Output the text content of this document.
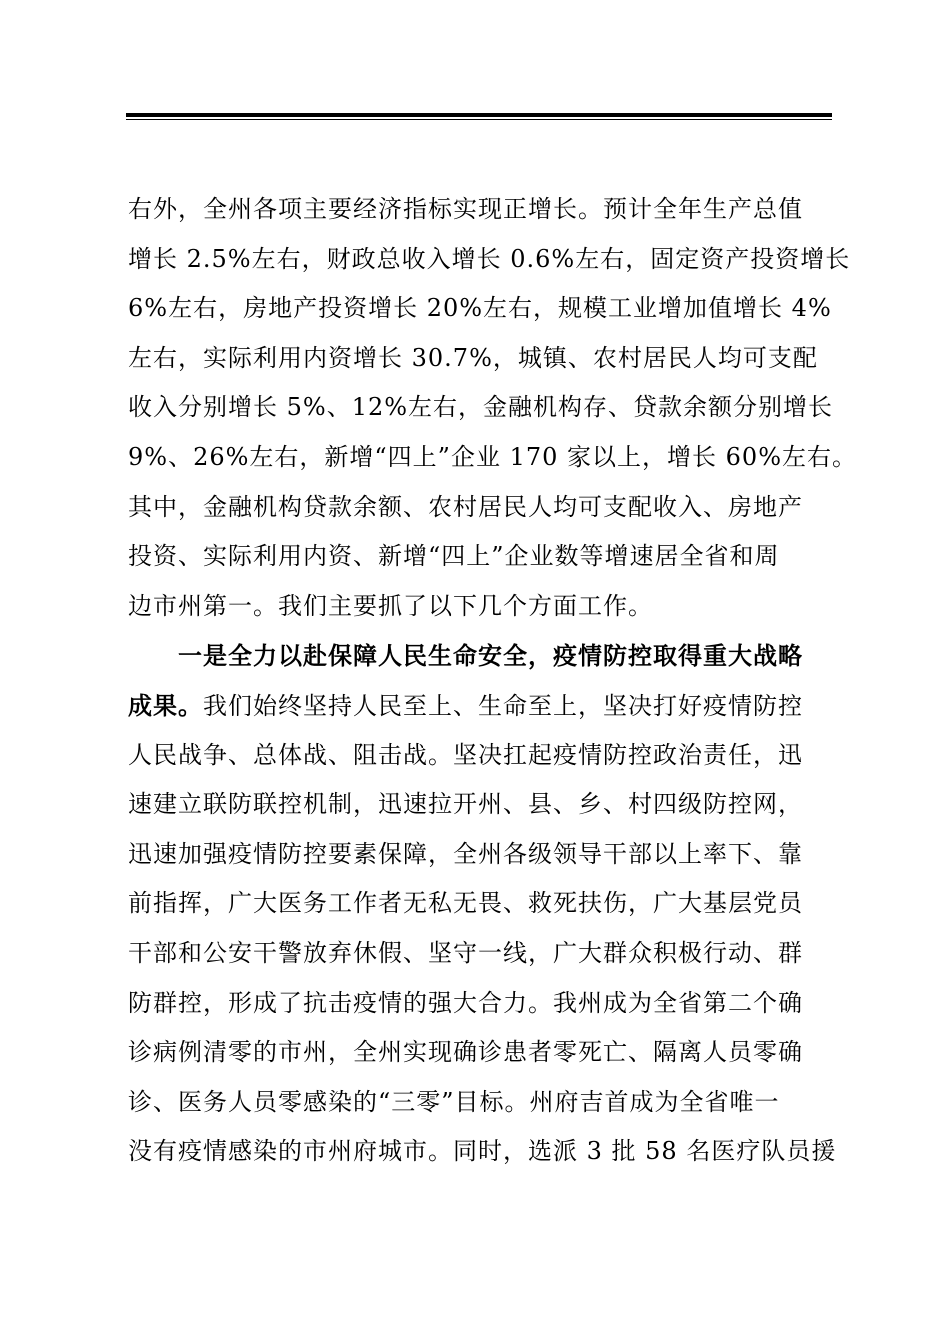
右外，全州各项主要经济指标实现正增长。预计全年生产总值
增长 2.5%左右，财政总收入增长 0.6%左右，固定资产投资增长
6%左右，房地产投资增长 20%左右，规模工业增加值增长 4%
左右，实际利用内资增长 30.7%，城镇、农村居民人均可支配
收入分别增长 5%、12%左右，金融机构存、贷款余额分别增长
9%、26%左右，新增“四上”企业 170 家以上，增长 60%左右。
其中，金融机构贷款余额、农村居民人均可支配收入、房地产
投资、实际利用内资、新增“四上”企业数等增速居全省和周
边市州第一。我们主要抓了以下几个方面工作。
一是全力以赴保障人民生命安全，疫情防控取得重大战略
成果。我们始终坚持人民至上、生命至上，坚决打好疫情防控
人民战争、总体战、阻击战。坚决扛起疫情防控政治责任，迅
速建立联防联控机制，迅速拉开州、县、乡、村四级防控网，
迅速加强疫情防控要素保障，全州各级领导干部以上率下、靠
前指挥，广大医务工作者无私无畏、救死扶伤，广大基层党员
干部和公安干警放弃休假、坚守一线，广大群众积极行动、群
防群控，形成了抗击疫情的强大合力。我州成为全省第二个确
诊病例清零的市州，全州实现确诊患者零死亡、隔离人员零确
诊、医务人员零感染的“三零”目标。州府吉首成为全省唯一
没有疫情感染的市州府城市。同时，选派 3 批 58 名医疗队员援
